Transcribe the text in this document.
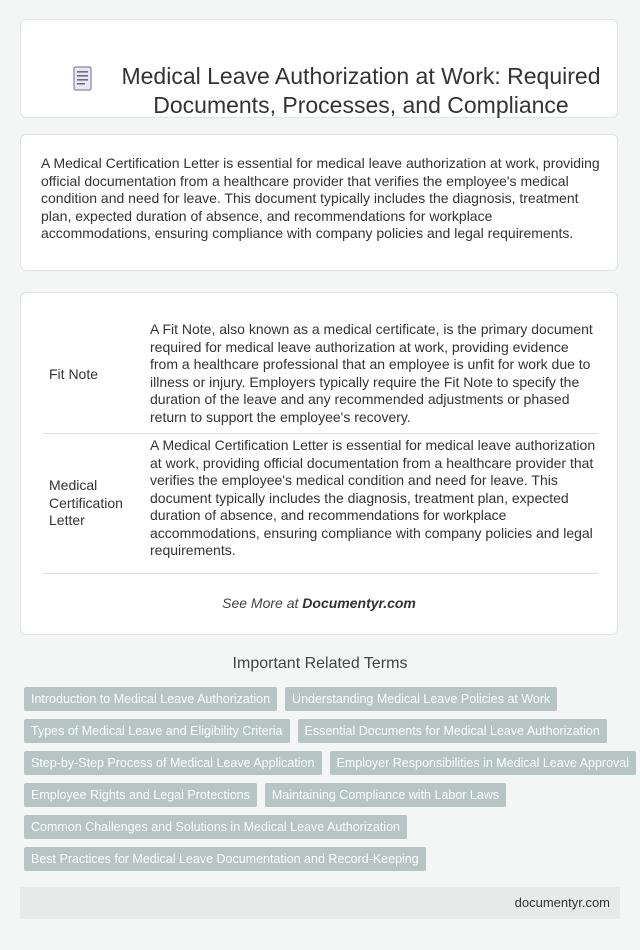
Medical Leave Authorization at Work: Required Documents, Processes, and Compliance

A Medical Certification Letter is essential for medical leave authorization at work, providing official documentation from a healthcare provider that verifies the employee's medical condition and need for leave. This document typically includes the diagnosis, treatment plan, expected duration of absence, and recommendations for workplace accommodations, ensuring compliance with company policies and legal requirements.

Fit Note
A Fit Note, also known as a medical certificate, is the primary document required for medical leave authorization at work, providing evidence from a healthcare professional that an employee is unfit for work due to illness or injury. Employers typically require the Fit Note to specify the duration of the leave and any recommended adjustments or phased return to support the employee's recovery.
Medical Certification Letter
A Medical Certification Letter is essential for medical leave authorization at work, providing official documentation from a healthcare provider that verifies the employee's medical condition and need for leave. This document typically includes the diagnosis, treatment plan, expected duration of absence, and recommendations for workplace accommodations, ensuring compliance with company policies and legal requirements.
See More at Documentyr.com
Important Related Terms
Introduction to Medical Leave Authorization Understanding Medical Leave Policies at Work
Types of Medical Leave and Eligibility Criteria Essential Documents for Medical Leave Authorization
Step-by-Step Process of Medical Leave Application Employer Responsibilities in Medical Leave Approval
Employee Rights and Legal Protections Maintaining Compliance with Labor Laws
Common Challenges and Solutions in Medical Leave Authorization
Best Practices for Medical Leave Documentation and Record-Keeping
documentyr.com
